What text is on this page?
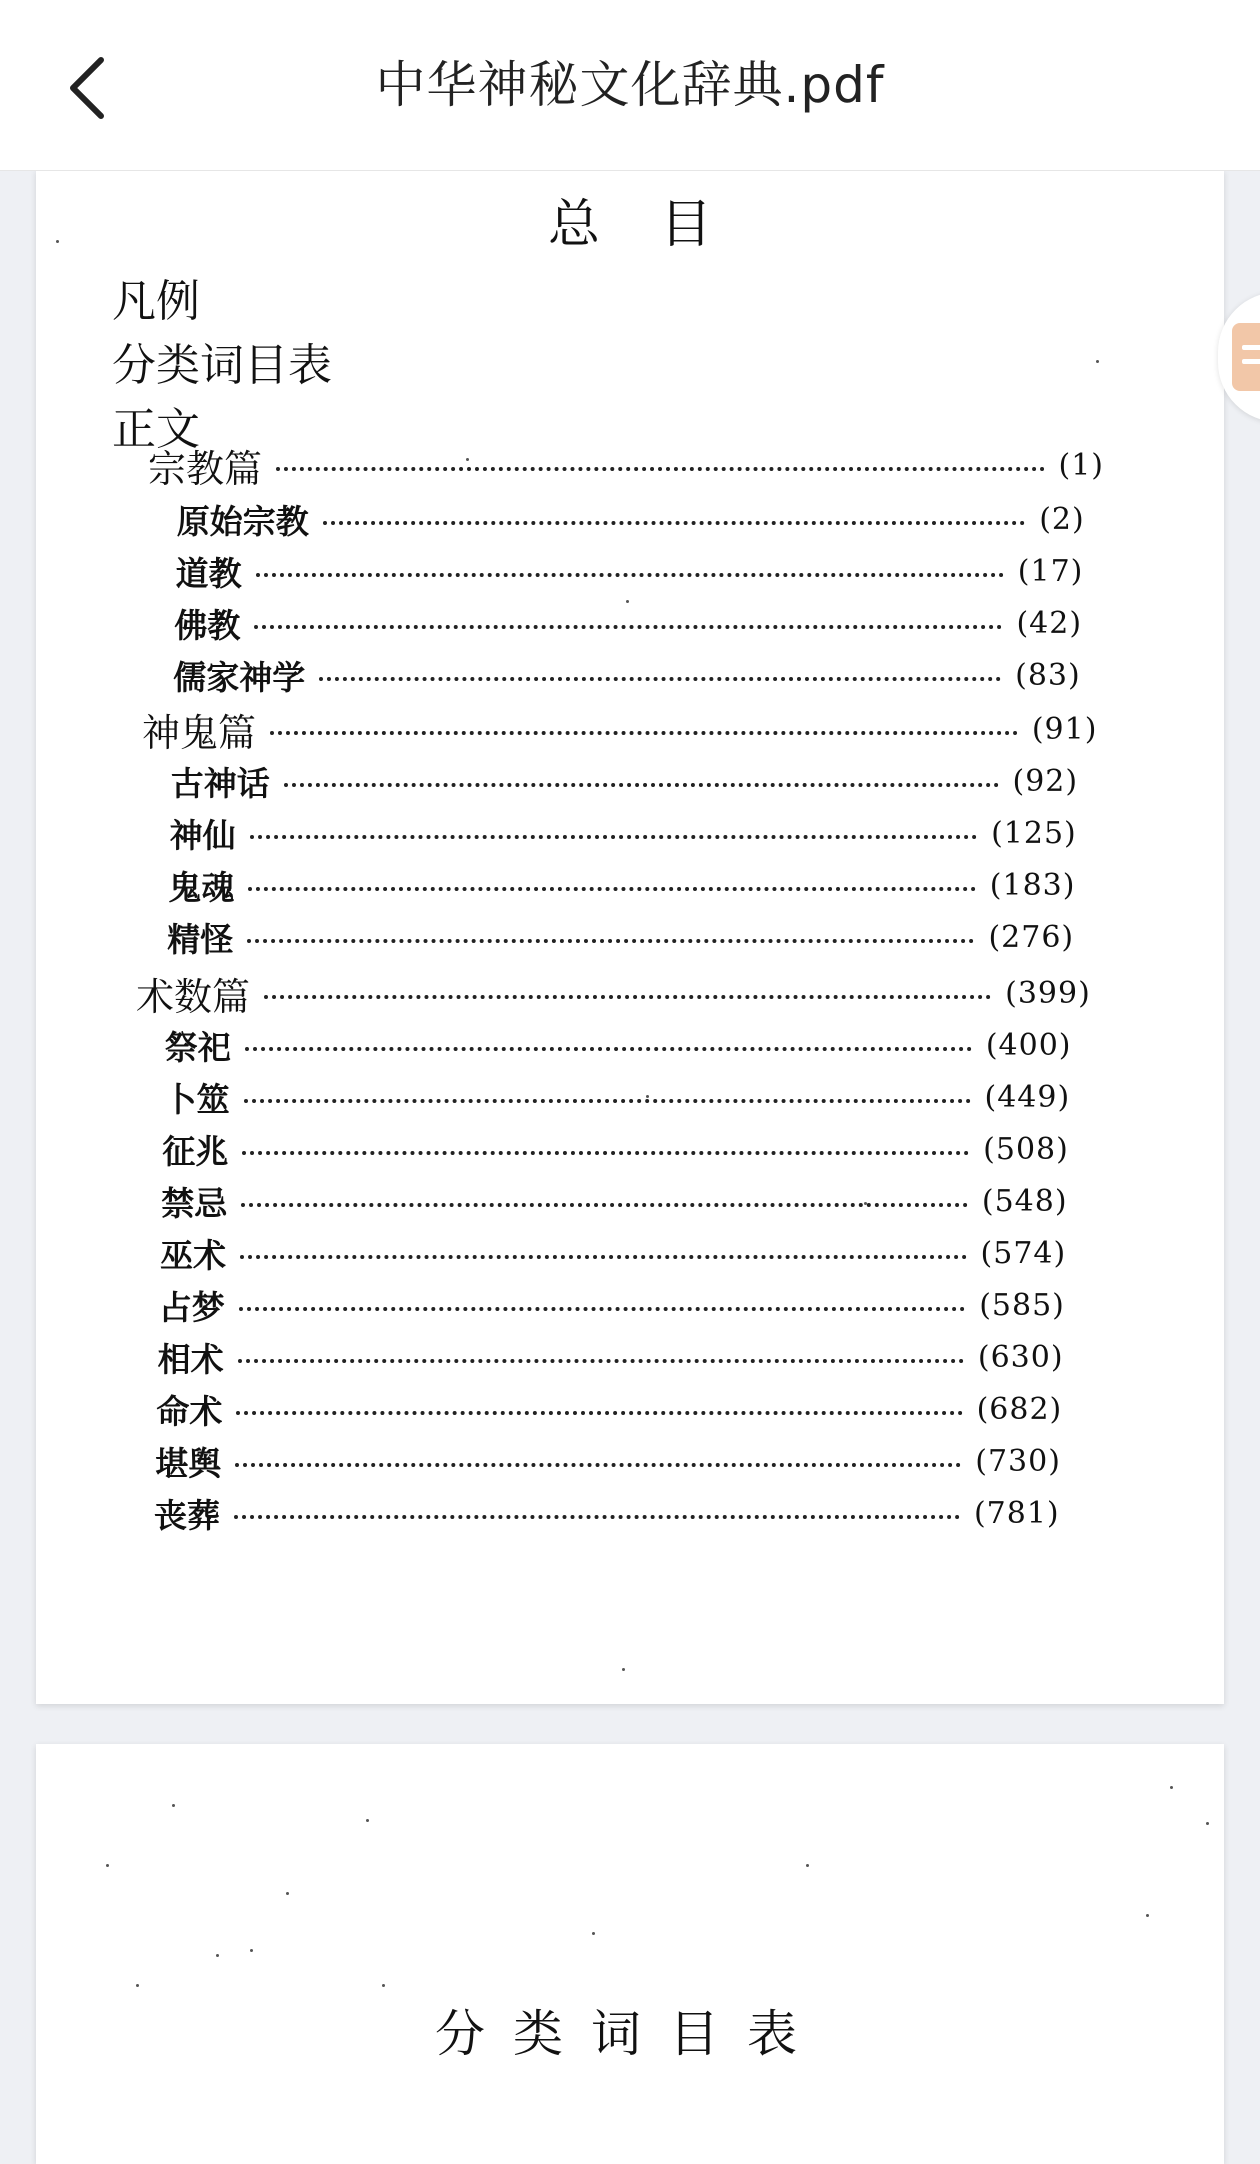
中华神秘文化辞典.pdf
总目
凡例
分类词目表
正文
宗教篇	(1)
原始宗教	(2)
道教	(17)
佛教	(42)
儒家神学	(83)
神鬼篇	(91)
古神话	(92)
神仙	(125)
鬼魂	(183)
精怪	(276)
术数篇	(399)
祭祀	(400)
卜筮	(449)
征兆	(508)
禁忌	(548)
巫术	(574)
占梦	(585)
相术	(630)
命术	(682)
堪舆	(730)
丧葬	(781)
分类词目表
